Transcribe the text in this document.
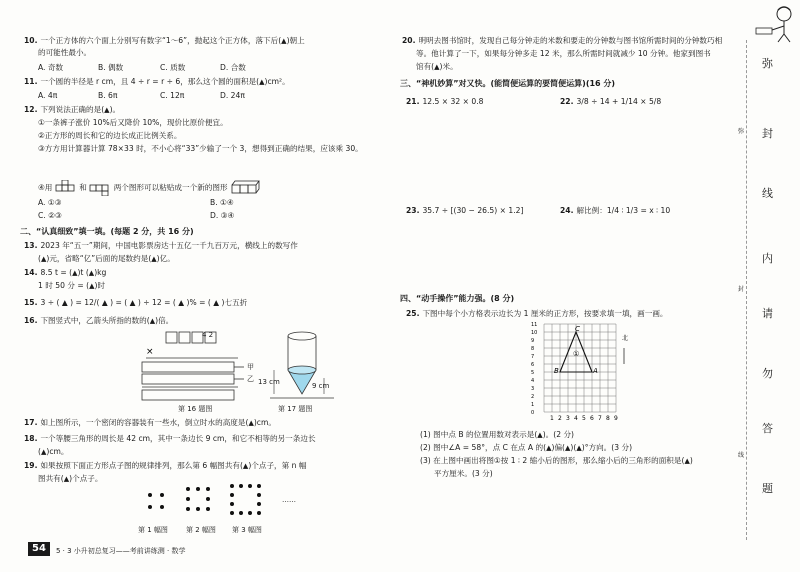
10. 一个正方体的六个面上分别写有数字“1～6”，抛起这个正方体，落下后(▲)朝上
的可能性最小。
A. 奇数	B. 偶数	C. 质数	D. 合数
11. 一个圆的半径是 r cm，且 4 ÷ r = r ÷ 6，那么这个圆的面积是(▲)cm²。
A. 4π	B. 6π	C. 12π	D. 24π
12. 下列说法正确的是(▲)。
①一条裤子涨价 10%后又降价 10%，现价比原价便宜。
②正方形的周长和它的边长成正比例关系。
③方方用计算器计算 78×33 时，不小心将“33”少输了一个 3，想得到正确的结果，应该乘 30。
④用	和	两个图形可以粘贴成一个新的图形
A. ①③	B. ①④
C. ②③	D. ③④
二、“认真细致”填一填。(每题 2 分，共 16 分)
13. 2023 年“五一”期间，中国电影票房达十五亿一千九百万元，横线上的数写作
(▲)元，省略“亿”后面的尾数约是(▲)亿。
14. 8.5 t = (▲)t (▲)kg
1 时 50 分 = (▲)时
15. 3 ÷ ( ▲ ) = 12/( ▲ ) = ( ▲ ) ÷ 12 = ( ▲ )% = ( ▲ )七五折
16. 下图竖式中，乙箭头所指的数的(▲)倍。
×
4 2
甲
乙
第 16 题图
13 cm	9 cm
第 17 题图
17. 如上图所示，一个密闭的容器装有一些水，倒立时水的高度是(▲)cm。
18. 一个等腰三角形的周长是 42 cm，其中一条边长 9 cm，和它不相等的另一条边长
(▲)cm。
19. 如果按照下面正方形点子图的规律排列，那么第 6 幅图共有(▲)个点子，第 n 幅
图共有(▲)个点子。
……
第 1 幅图	第 2 幅图 第 3 幅图
54	5 · 3 小升初总复习——考前讲练测 · 数学
20. 明明去图书馆时，发现自己每分钟走的米数和要走的分钟数与图书馆所需时间的分钟数巧相
等。他计算了一下，如果每分钟多走 12 米，那么所需时间就减少 10 分钟。他家到图书
馆有(▲)米。
三、“神机妙算”对又快。(能简便运算的要简便运算)(16 分)
21. 12.5 × 32 × 0.8	22. 3/8 ÷ 14 + 1/14 × 5/8
23. 35.7 ÷ [(30 − 26.5) × 1.2]	24. 解比例：1/4 ∶ 1/3 = x ∶ 10
四、“动手操作”能力强。(8 分)
25. 下图中每个小方格表示边长为 1 厘米的正方形，按要求填一填，画一画。
1 2 3 4 5 6 7 8 9
11
10
9
8
7
6
5
4
3
2
1
0
A
B
C
①
北
(1) 图中点 B 的位置用数对表示是(▲)。(2 分)
(2) 图中∠A = 58°，点 C 在点 A 的(▲)偏(▲)(▲)°方向。(3 分)
(3) 在上图中画出将图①按 1 ∶ 2 缩小后的图形，那么缩小后的三角形的面积是(▲)
平方厘米。(3 分)
弥
封
线
内
请
勿
答
题
弥
封
线
